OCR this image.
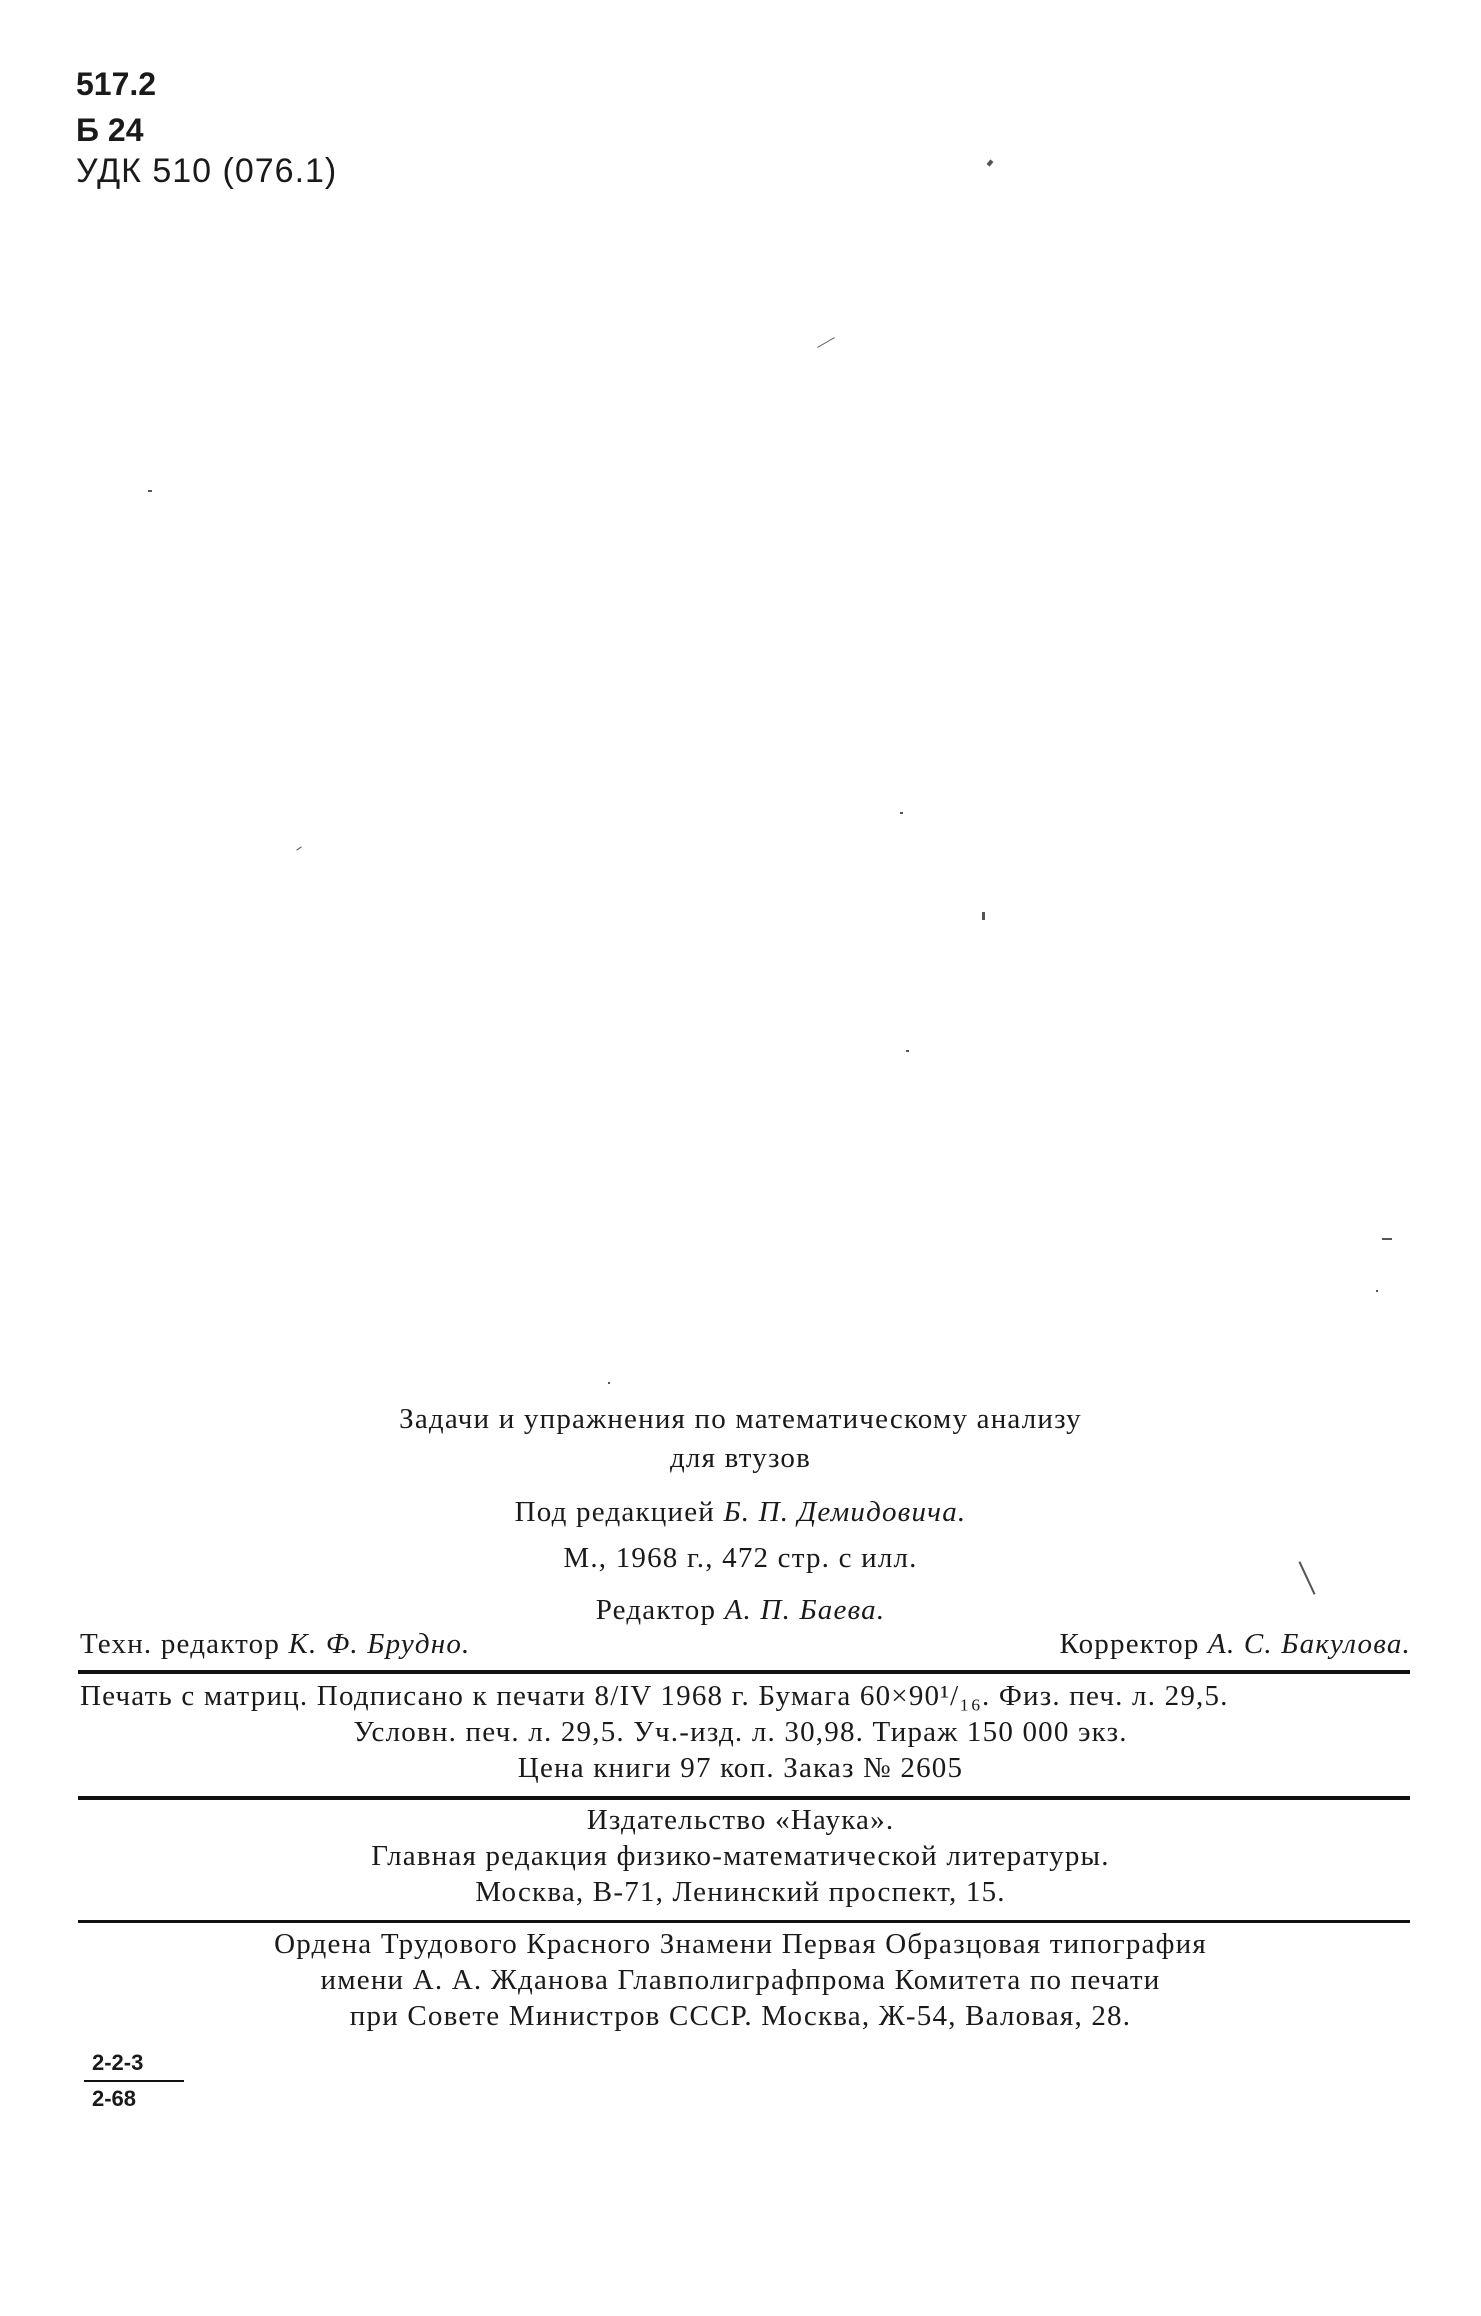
517.2
Б 24
УДК 510 (076.1)
Задачи и упражнения по математическому анализу
для втузов
Под редакцией Б. П. Демидовича.
М., 1968 г., 472 стр. с илл.
Редактор А. П. Баева.
Техн. редактор К. Ф. Брудно.	Корректор А. С. Бакулова.
Печать с матриц. Подписано к печати 8/IV 1968 г. Бумага 60×90¹/₁₆. Физ. печ. л. 29,5.
Условн. печ. л. 29,5. Уч.-изд. л. 30,98. Тираж 150 000 экз.
Цена книги 97 коп. Заказ № 2605
Издательство «Наука».
Главная редакция физико-математической литературы.
Москва, В-71, Ленинский проспект, 15.
Ордена Трудового Красного Знамени Первая Образцовая типография
имени А. А. Жданова Главполиграфпрома Комитета по печати
при Совете Министров СССР. Москва, Ж-54, Валовая, 28.
2-2-3
2-68
